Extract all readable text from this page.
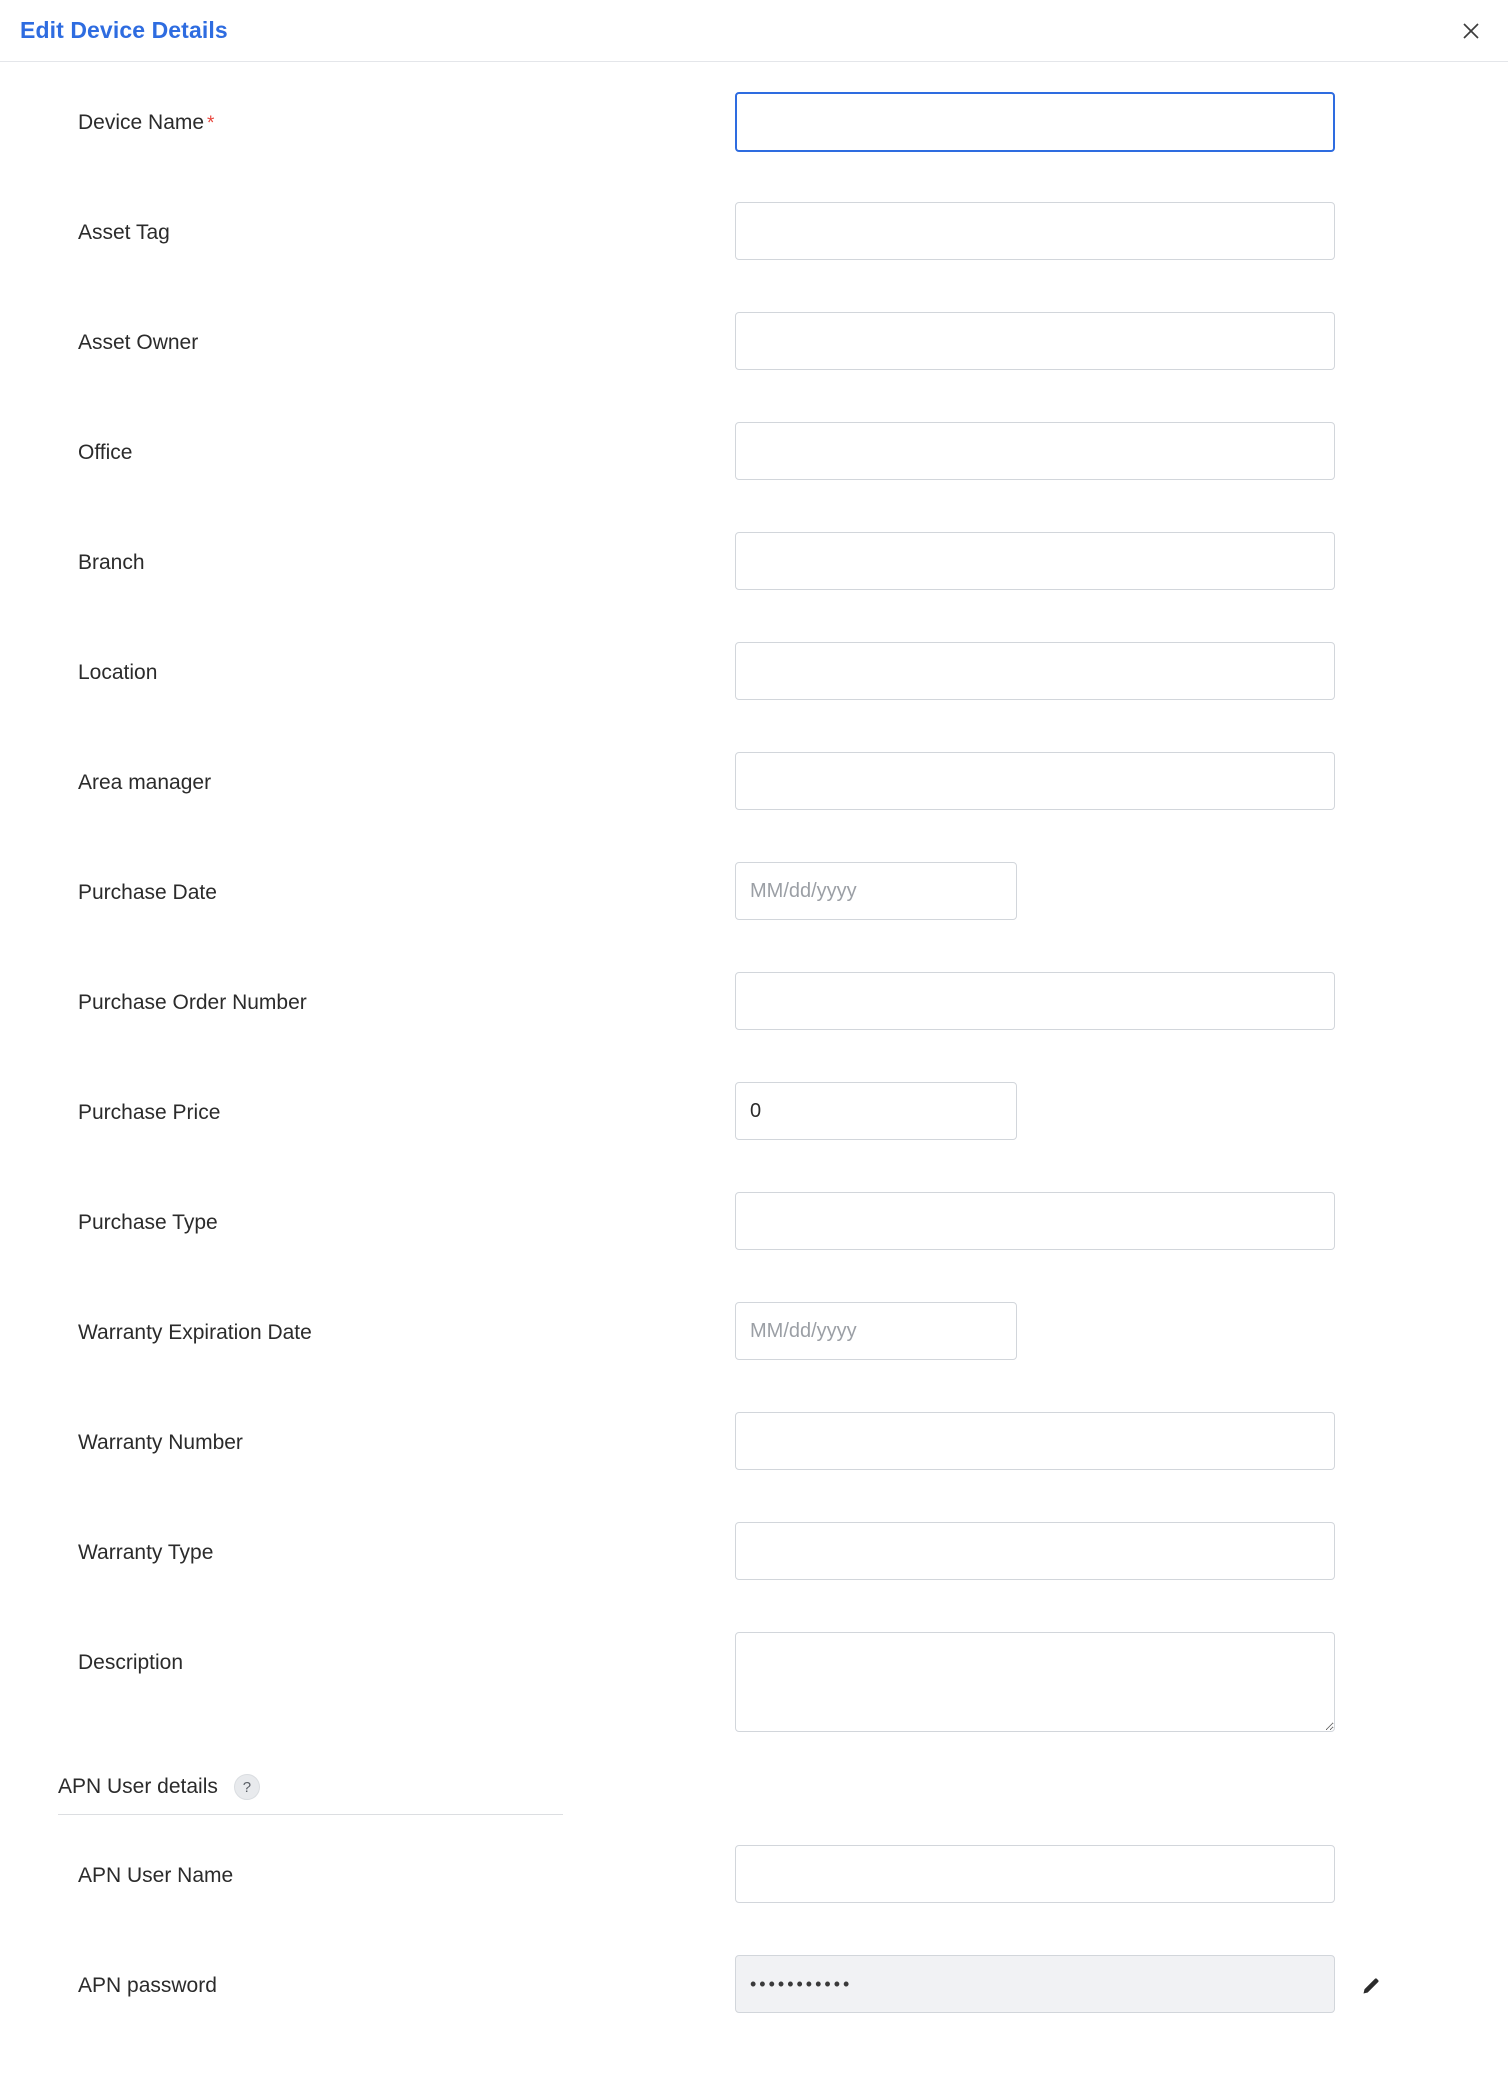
Edit Device Details
Device Name *
Asset Tag
Asset Owner
Office
Branch
Location
Area manager
Purchase Date
MM/dd/yyyy
Purchase Order Number
Purchase Price
0
Purchase Type
Warranty Expiration Date
MM/dd/yyyy
Warranty Number
Warranty Type
Description
APN User details	?
APN User Name
APN password
•••••••••••
